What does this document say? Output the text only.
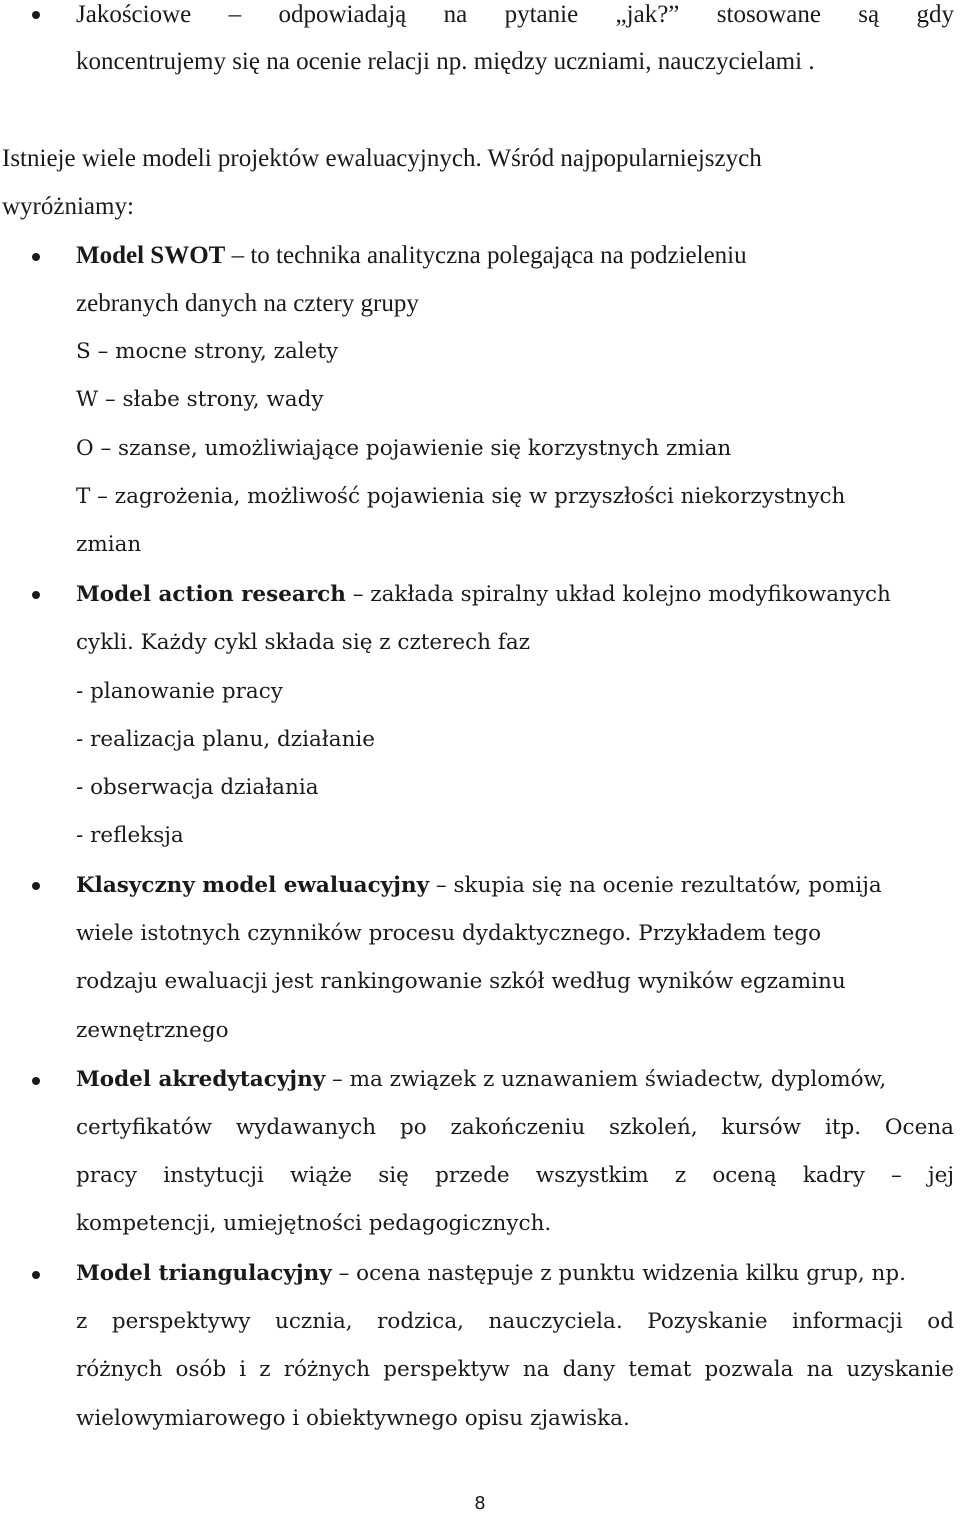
Jakościowe – odpowiadają na pytanie „jak?” stosowane są gdy
koncentrujemy się na ocenie relacji np. między uczniami, nauczycielami .
Istnieje wiele modeli projektów ewaluacyjnych. Wśród najpopularniejszych
wyróżniamy:
Model SWOT – to technika analityczna polegająca na podzieleniu
zebranych danych na cztery grupy
S – mocne strony, zalety
W – słabe strony, wady
O – szanse, umożliwiające pojawienie się korzystnych zmian
T – zagrożenia, możliwość pojawienia się w przyszłości niekorzystnych
zmian
Model action research – zakłada spiralny układ kolejno modyfikowanych
cykli. Każdy cykl składa się z czterech faz
- planowanie pracy
- realizacja planu, działanie
- obserwacja działania
- refleksja
Klasyczny model ewaluacyjny – skupia się na ocenie rezultatów, pomija
wiele istotnych czynników procesu dydaktycznego. Przykładem tego
rodzaju ewaluacji jest rankingowanie szkół według wyników egzaminu
zewnętrznego
Model akredytacyjny – ma związek z uznawaniem świadectw, dyplomów,
certyfikatów wydawanych po zakończeniu szkoleń, kursów itp. Ocena
pracy instytucji wiąże się przede wszystkim z oceną kadry – jej
kompetencji, umiejętności pedagogicznych.
Model triangulacyjny – ocena następuje z punktu widzenia kilku grup, np.
z perspektywy ucznia, rodzica, nauczyciela. Pozyskanie informacji od
różnych osób i z różnych perspektyw na dany temat pozwala na uzyskanie
wielowymiarowego i obiektywnego opisu zjawiska.
8
